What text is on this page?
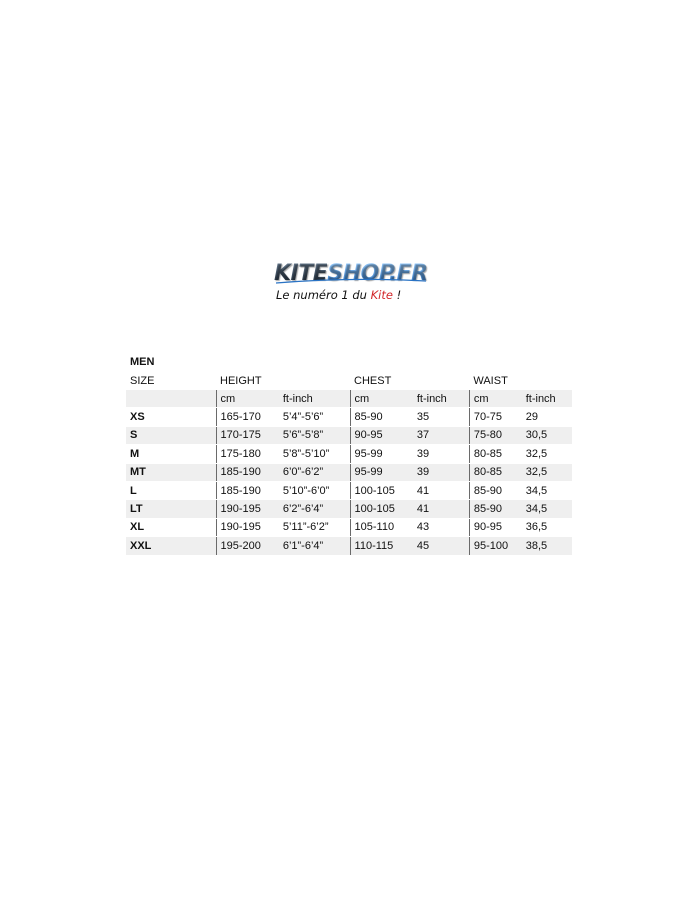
KITESHOP.FR
Le numéro 1 du Kite !
MEN						
SIZE	HEIGHT		CHEST		WAIST	
	cm	ft-inch	cm	ft-inch	cm	ft-inch
XS	165-170	5’4”-5’6”	85-90	35	70-75	29
S	170-175	5’6”-5’8”	90-95	37	75-80	30,5
M	175-180	5’8”-5’10”	95-99	39	80-85	32,5
MT	185-190	6’0”-6’2”	95-99	39	80-85	32,5
L	185-190	5’10”-6’0”	100-105	41	85-90	34,5
LT	190-195	6’2”-6’4”	100-105	41	85-90	34,5
XL	190-195	5’11”-6’2”	105-110	43	90-95	36,5
XXL	195-200	6’1”-6’4”	110-115	45	95-100	38,5
